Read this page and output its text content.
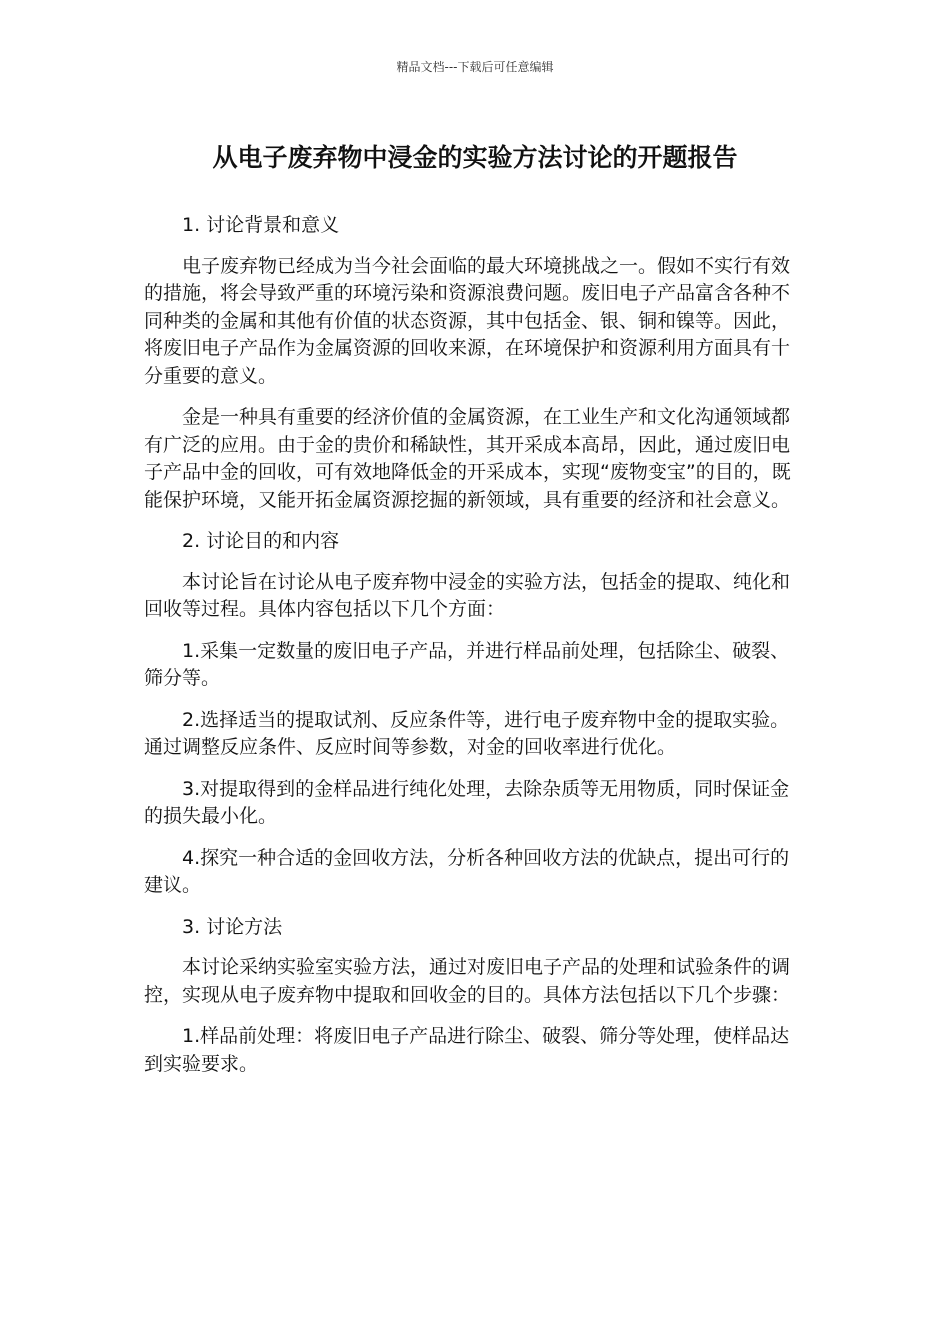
精品文档---下载后可任意编辑
从电子废弃物中浸金的实验方法讨论的开题报告

1. 讨论背景和意义

电子废弃物已经成为当今社会面临的最大环境挑战之一。假如不实行有效的措施，将会导致严重的环境污染和资源浪费问题。废旧电子产品富含各种不同种类的金属和其他有价值的状态资源，其中包括金、银、铜和镍等。因此，将废旧电子产品作为金属资源的回收来源，在环境保护和资源利用方面具有十分重要的意义。

金是一种具有重要的经济价值的金属资源，在工业生产和文化沟通领域都有广泛的应用。由于金的贵价和稀缺性，其开采成本高昂，因此，通过废旧电子产品中金的回收，可有效地降低金的开采成本，实现“废物变宝”的目的，既能保护环境，又能开拓金属资源挖掘的新领域，具有重要的经济和社会意义。

2. 讨论目的和内容

本讨论旨在讨论从电子废弃物中浸金的实验方法，包括金的提取、纯化和回收等过程。具体内容包括以下几个方面：

1.采集一定数量的废旧电子产品，并进行样品前处理，包括除尘、破裂、筛分等。

2.选择适当的提取试剂、反应条件等，进行电子废弃物中金的提取实验。通过调整反应条件、反应时间等参数，对金的回收率进行优化。

3.对提取得到的金样品进行纯化处理，去除杂质等无用物质，同时保证金的损失最小化。

4.探究一种合适的金回收方法，分析各种回收方法的优缺点，提出可行的建议。

3. 讨论方法

本讨论采纳实验室实验方法，通过对废旧电子产品的处理和试验条件的调控，实现从电子废弃物中提取和回收金的目的。具体方法包括以下几个步骤：

1.样品前处理：将废旧电子产品进行除尘、破裂、筛分等处理，使样品达到实验要求。
